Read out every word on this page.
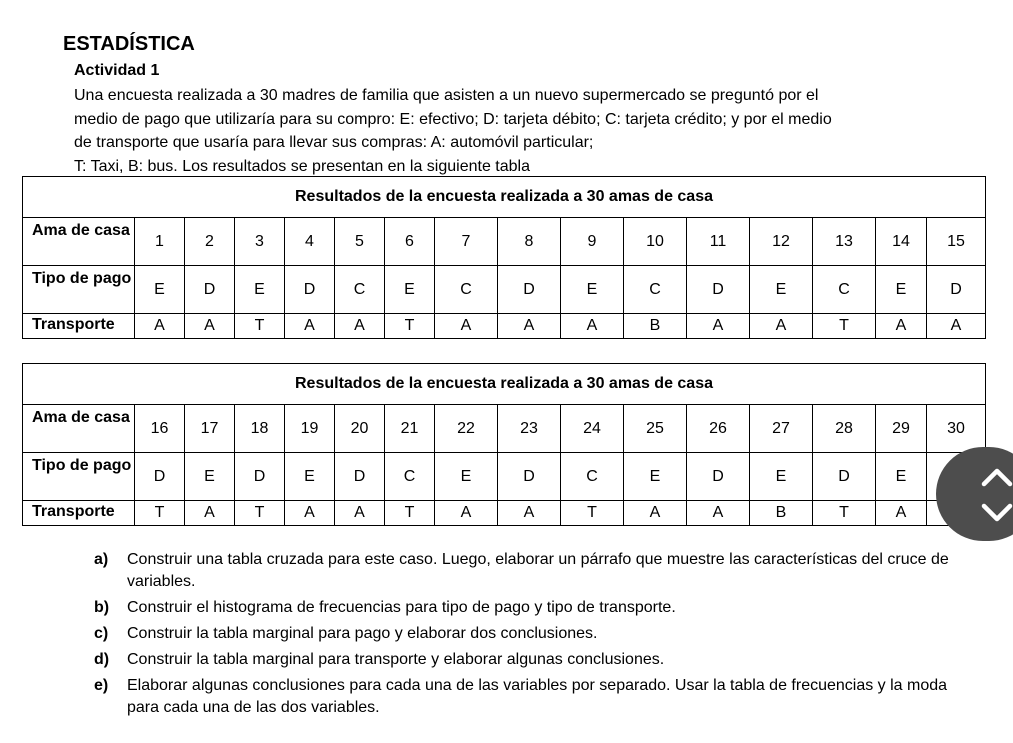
ESTADÍSTICA
Actividad 1
Una encuesta realizada a 30 madres de familia que asisten a un nuevo supermercado se preguntó por el
medio de pago que utilizaría para su compro: E: efectivo; D: tarjeta débito; C: tarjeta crédito; y por el medio
de transporte que usaría para llevar sus compras: A: automóvil particular;
T: Taxi, B: bus. Los resultados se presentan en la siguiente tabla
Resultados de la encuesta realizada a 30 amas de casa															
Ama de casa	1	2	3	4	5	6	7	8	9	10	11	12	13	14	15
Tipo de pago	E	D	E	D	C	E	C	D	E	C	D	E	C	E	D
Transporte	A	A	T	A	A	T	A	A	A	B	A	A	T	A	A
Resultados de la encuesta realizada a 30 amas de casa															
Ama de casa	16	17	18	19	20	21	22	23	24	25	26	27	28	29	30
Tipo de pago	D	E	D	E	D	C	E	D	C	E	D	E	D	E	
Transporte	T	A	T	A	A	T	A	A	T	A	A	B	T	A	
a) Construir una tabla cruzada para este caso. Luego, elaborar un párrafo que muestre las características del cruce de variables.
b) Construir el histograma de frecuencias para tipo de pago y tipo de transporte.
c) Construir la tabla marginal para pago y elaborar dos conclusiones.
d) Construir la tabla marginal para transporte y elaborar algunas conclusiones.
e) Elaborar algunas conclusiones para cada una de las variables por separado. Usar la tabla de frecuencias y la moda para cada una de las dos variables.
